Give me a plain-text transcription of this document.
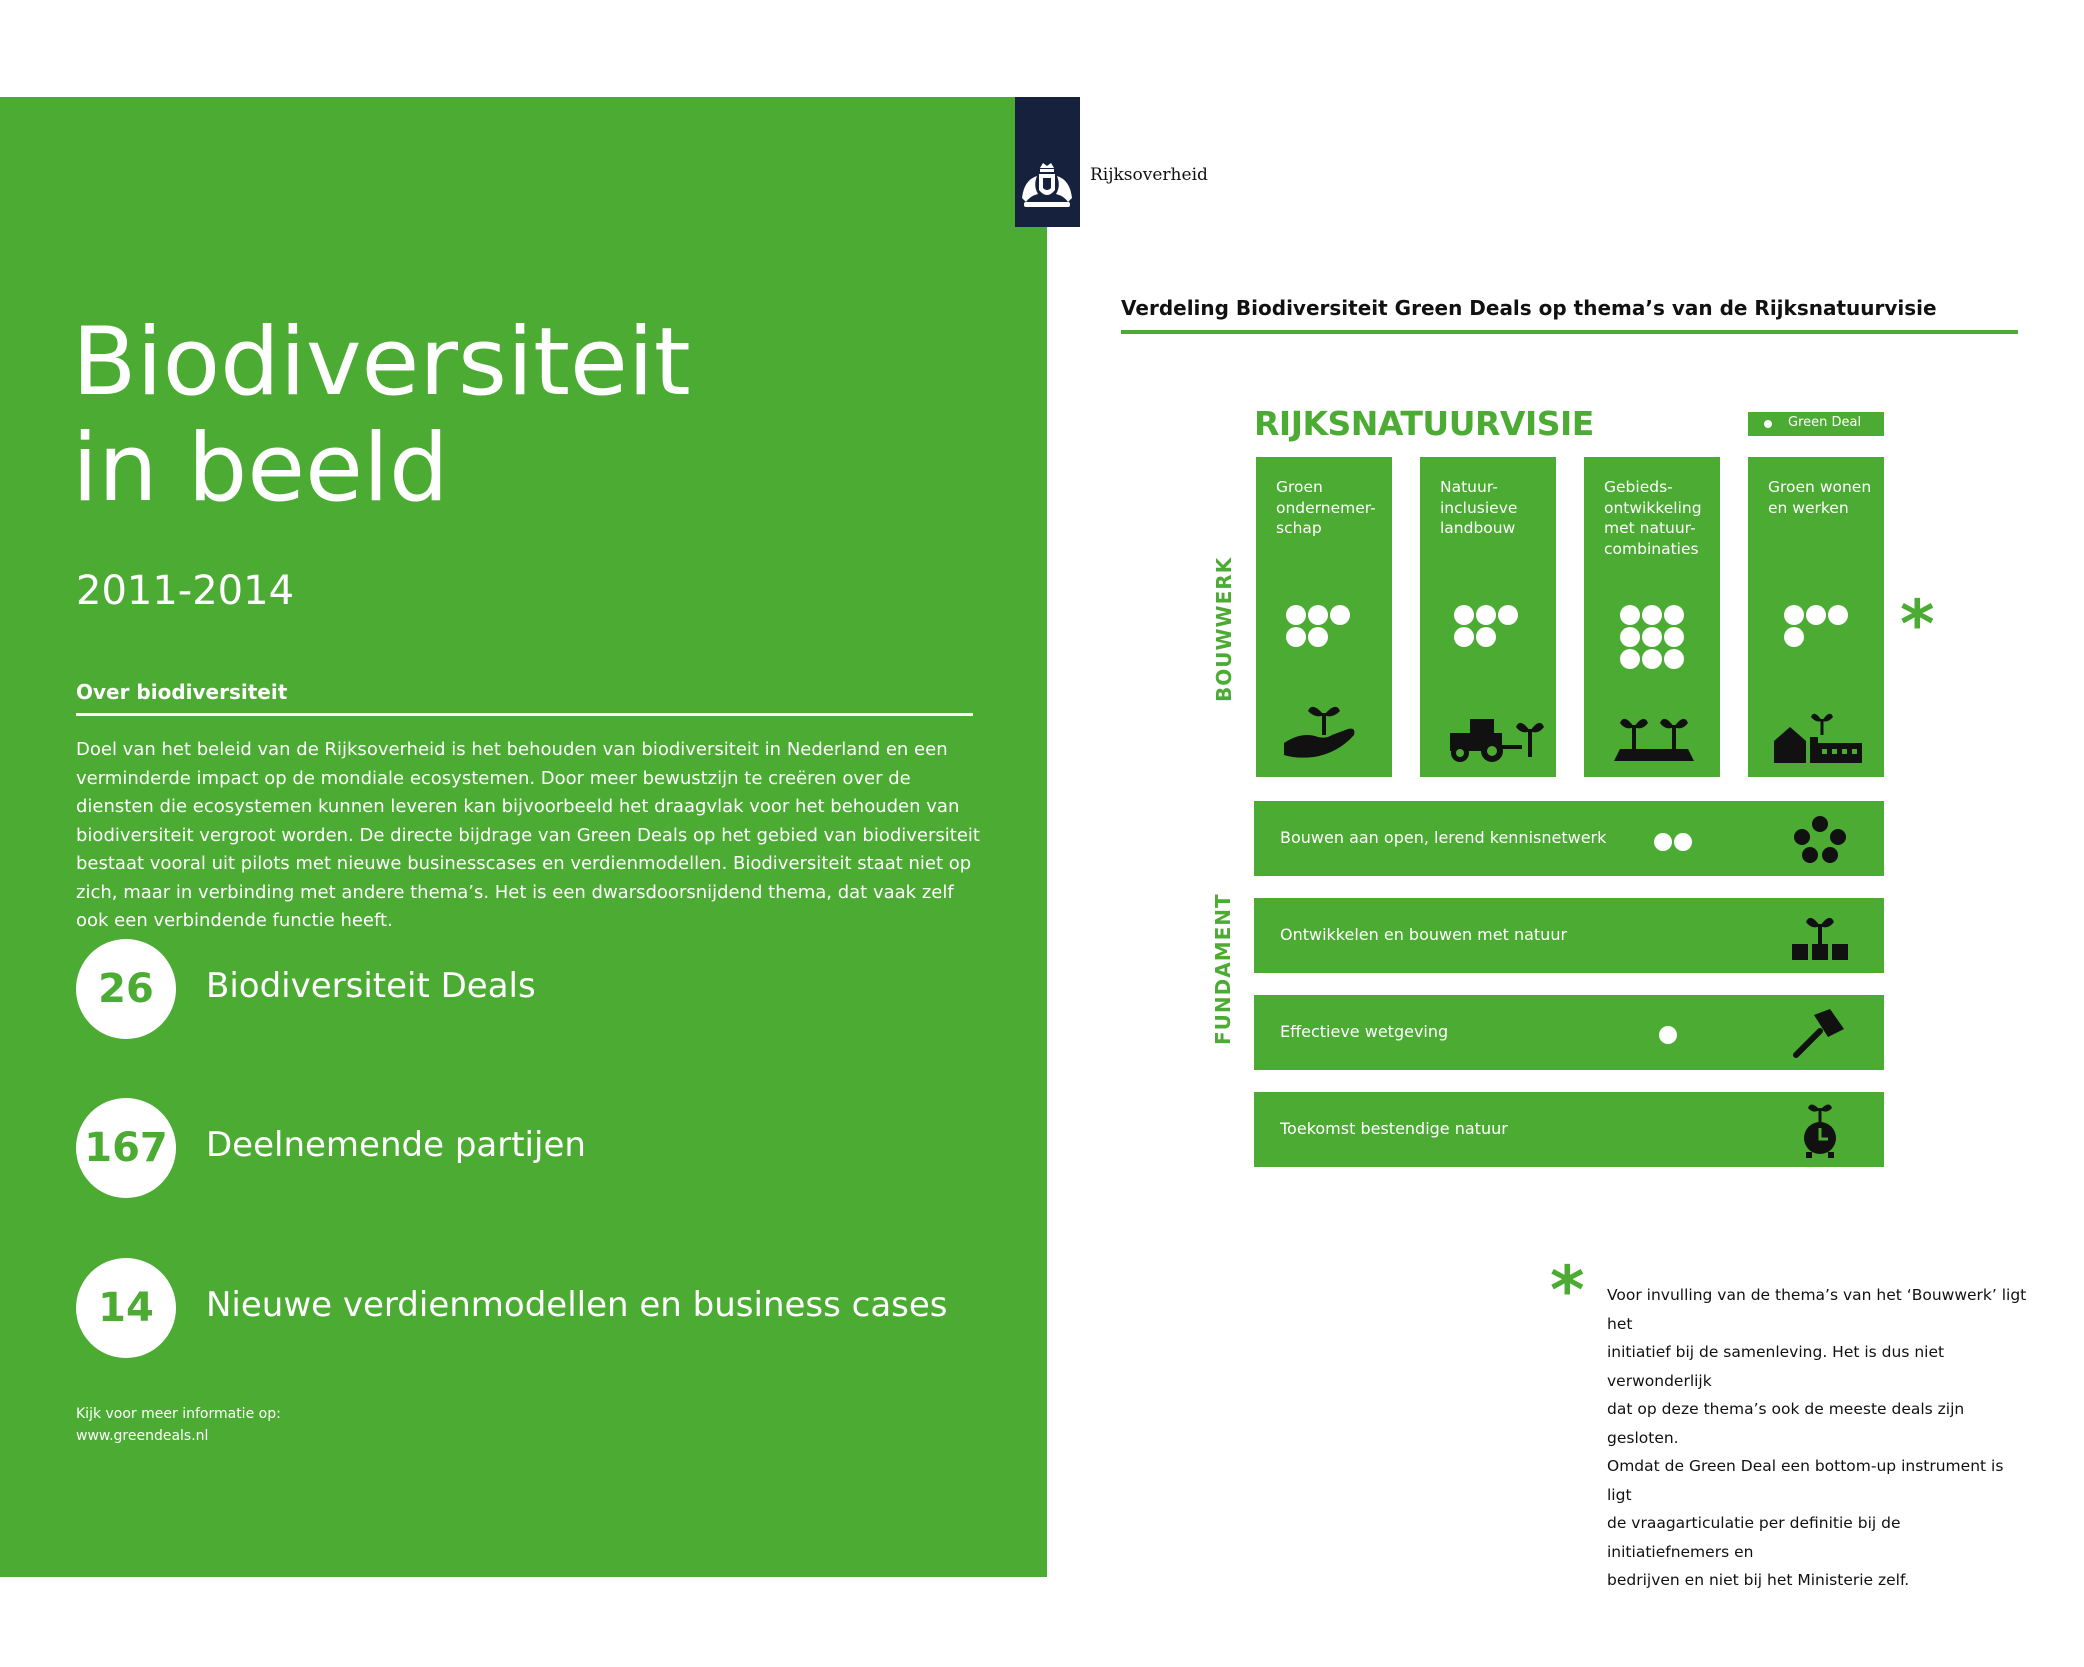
Biodiversiteit
in beeld
2011-2014
Over biodiversiteit
Doel van het beleid van de Rijksoverheid is het behouden van biodiversiteit in Nederland en een verminderde impact op de mondiale ecosystemen. Door meer bewustzijn te creëren over de diensten die ecosystemen kunnen leveren kan bijvoorbeeld het draagvlak voor het behouden van biodiversiteit vergroot worden. De directe bijdrage van Green Deals op het gebied van biodiversiteit bestaat vooral uit pilots met nieuwe businesscases en verdienmodellen. Biodiversiteit staat niet op zich, maar in verbinding met andere thema’s. Het is een dwarsdoorsnijdend thema, dat vaak zelf ook een verbindende functie heeft.
26	Biodiversiteit Deals
167 Deelnemende partijen
14	Nieuwe verdienmodellen en business cases
Kijk voor meer informatie op:
www.greendeals.nl
Rijksoverheid
Verdeling Biodiversiteit Green Deals op thema’s van de Rijksnatuurvisie
RIJKSNATUURVISIE	Green Deal
BOUWWERK
FUNDAMENT
Groen
ondernemer-
schap
Natuur-
inclusieve
landbouw
Gebieds-
ontwikkeling
met natuur-
combinaties
Groen wonen
en werken
*
Bouwen aan open, lerend kennisnetwerk
Ontwikkelen en bouwen met natuur
Effectieve wetgeving
Toekomst bestendige natuur
* Voor invulling van de thema’s van het ‘Bouwwerk’ ligt het
initiatief bij de samenleving. Het is dus niet verwonderlijk
dat op deze thema’s ook de meeste deals zijn gesloten.
Omdat de Green Deal een bottom-up instrument is ligt
de vraagarticulatie per definitie bij de initiatiefnemers en
bedrijven en niet bij het Ministerie zelf.
